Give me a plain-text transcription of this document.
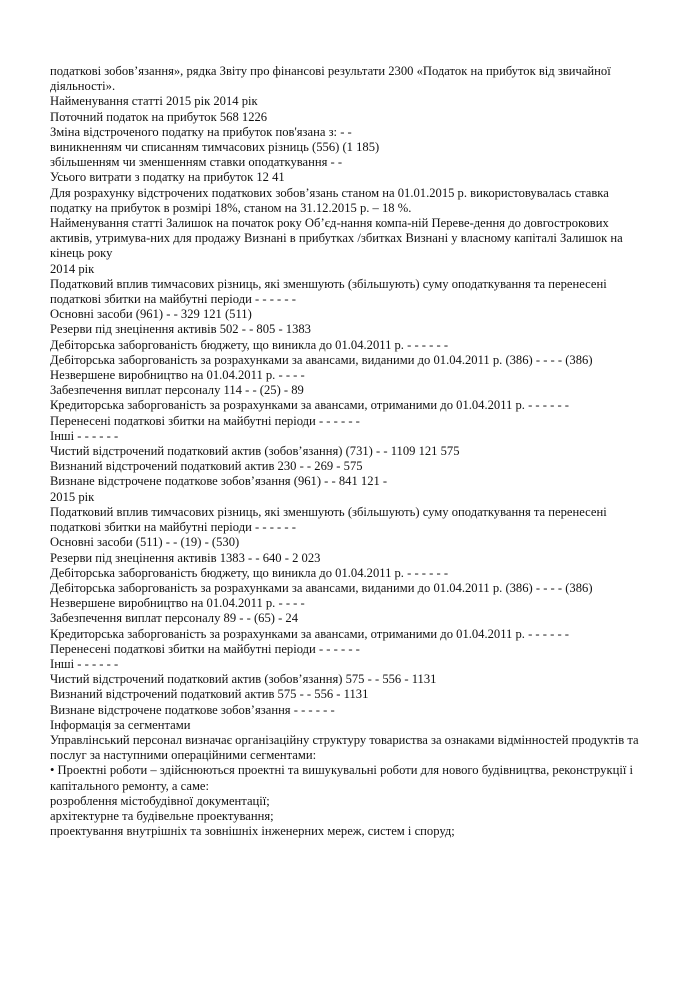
податкові зобов’язання», рядка Звіту про фінансові результати 2300 «Податок на прибуток від звичайної діяльності».
Найменування статті 2015 рік 2014 рік
Поточний податок на прибуток 568 1226
Зміна відстроченого податку на прибуток пов'язана з: - -
виникненням чи списанням тимчасових різниць (556) (1 185)
збільшенням чи зменшенням ставки оподаткування - -
Усього витрати з податку на прибуток 12 41
Для розрахунку відстрочених податкових зобов’язань станом на 01.01.2015 р. використовувалась ставка податку на прибуток в розмірі 18%, станом на 31.12.2015 р. – 18 %.
Найменування статті Залишок на початок року Об’єд-нання компа-ній Переве-дення до довгострокових активів, утримува-них для продажу Визнані в прибутках /збитках Визнані у власному капіталі Залишок на кінець року
2014 рік
Податковий вплив тимчасових різниць, які зменшують (збільшують) суму оподаткування та перенесені податкові збитки на майбутні періоди - - - - - -
Основні засоби (961) - - 329 121 (511)
Резерви під знецінення активів 502 - - 805 - 1383
Дебіторська заборгованість бюджету, що виникла до 01.04.2011 р. - - - - - -
Дебіторська заборгованість за розрахунками за авансами, виданими до 01.04.2011 р. (386) - - - - (386)
Незвершене виробництво на 01.04.2011 р. - - - -
Забезпечення виплат персоналу 114 - - (25) - 89
Кредиторська заборгованість за розрахунками за авансами, отриманими до 01.04.2011 р. - - - - - -
Перенесені податкові збитки на майбутні періоди - - - - - -
Інші - - - - - -
Чистий відстрочений податковий актив (зобов’язання) (731) - - 1109 121 575
Визнаний відстрочений податковий актив 230 - - 269 - 575
Визнане відстрочене податкове зобов’язання (961) - - 841 121 -
2015 рік
Податковий вплив тимчасових різниць, які зменшують (збільшують) суму оподаткування та перенесені податкові збитки на майбутні періоди - - - - - -
Основні засоби (511) - - (19) - (530)
Резерви під знецінення активів 1383 - - 640 - 2 023
Дебіторська заборгованість бюджету, що виникла до 01.04.2011 р. - - - - - -
Дебіторська заборгованість за розрахунками за авансами, виданими до 01.04.2011 р. (386) - - - - (386)
Незвершене виробництво на 01.04.2011 р. - - - -
Забезпечення виплат персоналу 89 - - (65) - 24
Кредиторська заборгованість за розрахунками за авансами, отриманими до 01.04.2011 р. - - - - - -
Перенесені податкові збитки на майбутні періоди - - - - - -
Інші - - - - - -
Чистий відстрочений податковий актив (зобов’язання) 575 - - 556 - 1131
Визнаний відстрочений податковий актив 575 - - 556 - 1131
Визнане відстрочене податкове зобов’язання - - - - - -
Інформація за сегментами
Управлінський персонал визначає організаційну структуру товариства за ознаками відмінностей продуктів та послуг за наступними операційними сегментами:
• Проектні роботи – здійснюються проектні та вишукувальні роботи для нового будівництва, реконструкції і капітального ремонту, а саме:
розроблення містобудівної документації;
архітектурне та будівельне проектування;
проектування внутрішніх та зовнішніх інженерних мереж, систем і споруд;
